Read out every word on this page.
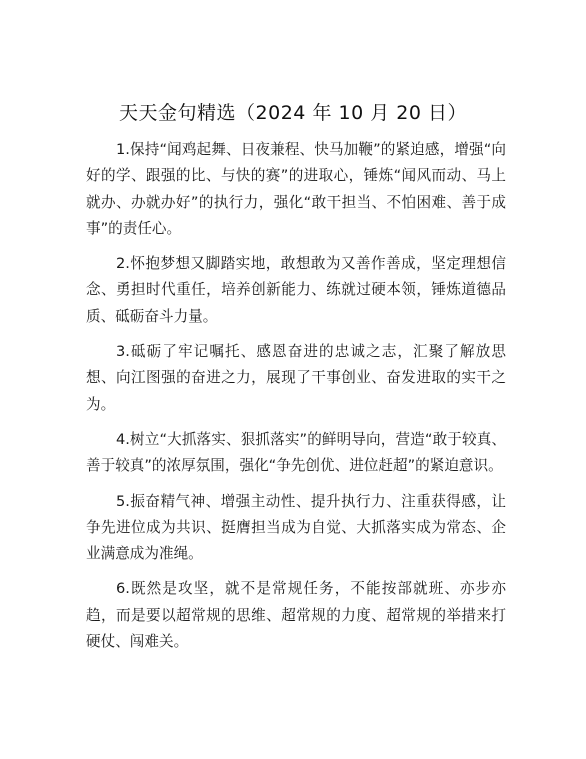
天天金句精选（2024 年 10 月 20 日）

1.保持“闻鸡起舞、日夜兼程、快马加鞭”的紧迫感，增强“向好的学、跟强的比、与快的赛”的进取心，锤炼“闻风而动、马上就办、办就办好”的执行力，强化“敢干担当、不怕困难、善于成事”的责任心。

2.怀抱梦想又脚踏实地，敢想敢为又善作善成，坚定理想信念、勇担时代重任，培养创新能力、练就过硬本领，锤炼道德品质、砥砺奋斗力量。

3.砥砺了牢记嘱托、感恩奋进的忠诚之志，汇聚了解放思想、向江图强的奋进之力，展现了干事创业、奋发进取的实干之为。

4.树立“大抓落实、狠抓落实”的鲜明导向，营造“敢于较真、善于较真”的浓厚氛围，强化“争先创优、进位赶超”的紧迫意识。

5.振奋精气神、增强主动性、提升执行力、注重获得感，让争先进位成为共识、挺膺担当成为自觉、大抓落实成为常态、企业满意成为准绳。

6.既然是攻坚，就不是常规任务，不能按部就班、亦步亦趋，而是要以超常规的思维、超常规的力度、超常规的举措来打硬仗、闯难关。
